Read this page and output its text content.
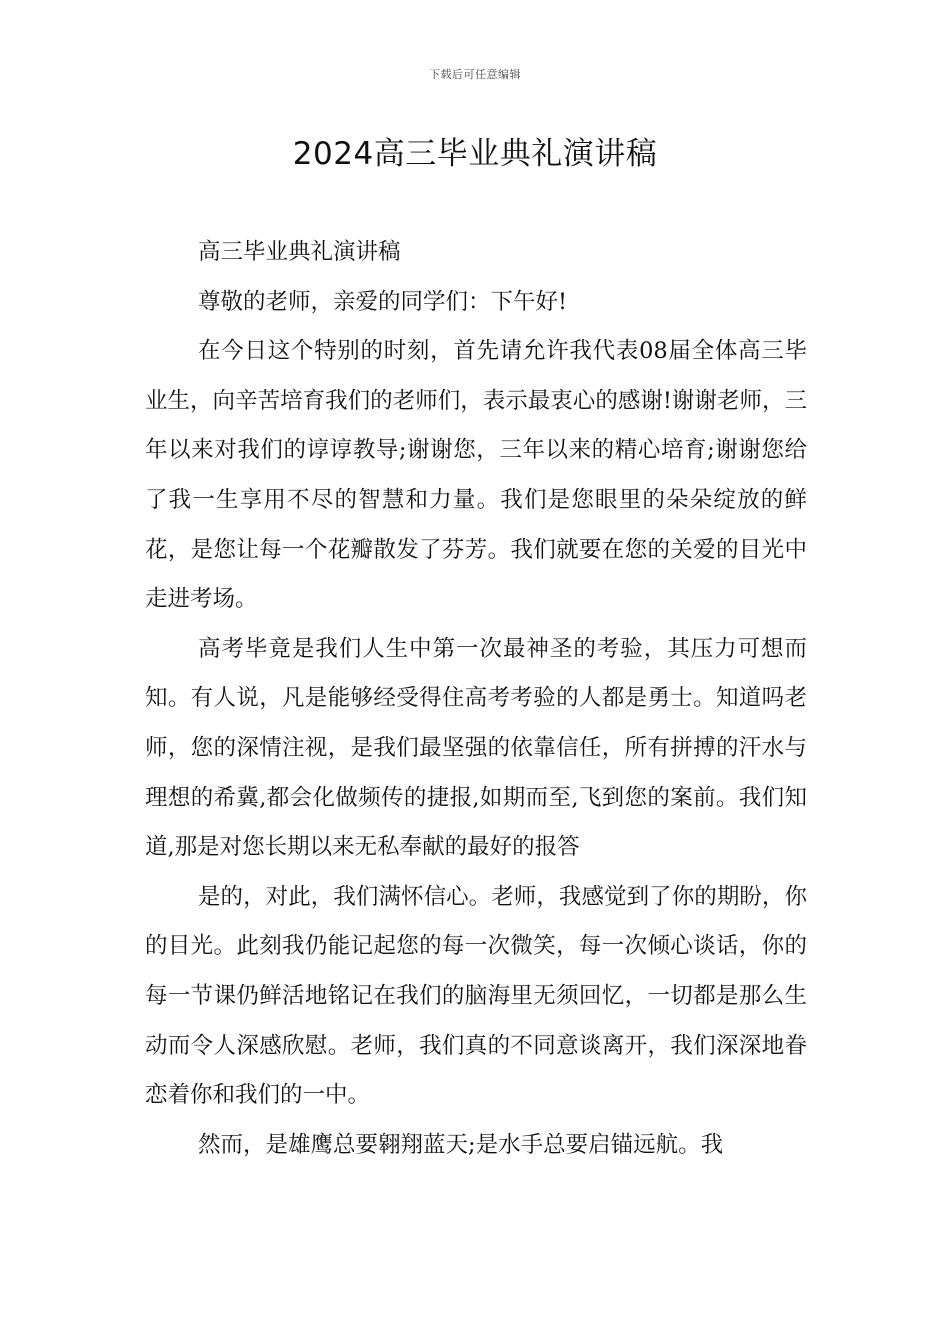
下载后可任意编辑
2024高三毕业典礼演讲稿

高三毕业典礼演讲稿

尊敬的老师，亲爱的同学们：下午好!

在今日这个特别的时刻，首先请允许我代表08届全体高三毕业生，向辛苦培育我们的老师们，表示最衷心的感谢!谢谢老师，三年以来对我们的谆谆教导;谢谢您，三年以来的精心培育;谢谢您给了我一生享用不尽的智慧和力量。我们是您眼里的朵朵绽放的鲜花，是您让每一个花瓣散发了芬芳。我们就要在您的关爱的目光中走进考场。

高考毕竟是我们人生中第一次最神圣的考验，其压力可想而知。有人说，凡是能够经受得住高考考验的人都是勇士。知道吗老师，您的深情注视，是我们最坚强的依靠信任，所有拼搏的汗水与理想的希冀,都会化做频传的捷报,如期而至,飞到您的案前。我们知道,那是对您长期以来无私奉献的最好的报答

是的，对此，我们满怀信心。老师，我感觉到了你的期盼，你的目光。此刻我仍能记起您的每一次微笑，每一次倾心谈话，你的每一节课仍鲜活地铭记在我们的脑海里无须回忆，一切都是那么生动而令人深感欣慰。老师，我们真的不同意谈离开，我们深深地眷恋着你和我们的一中。

然而，是雄鹰总要翱翔蓝天;是水手总要启锚远航。我
